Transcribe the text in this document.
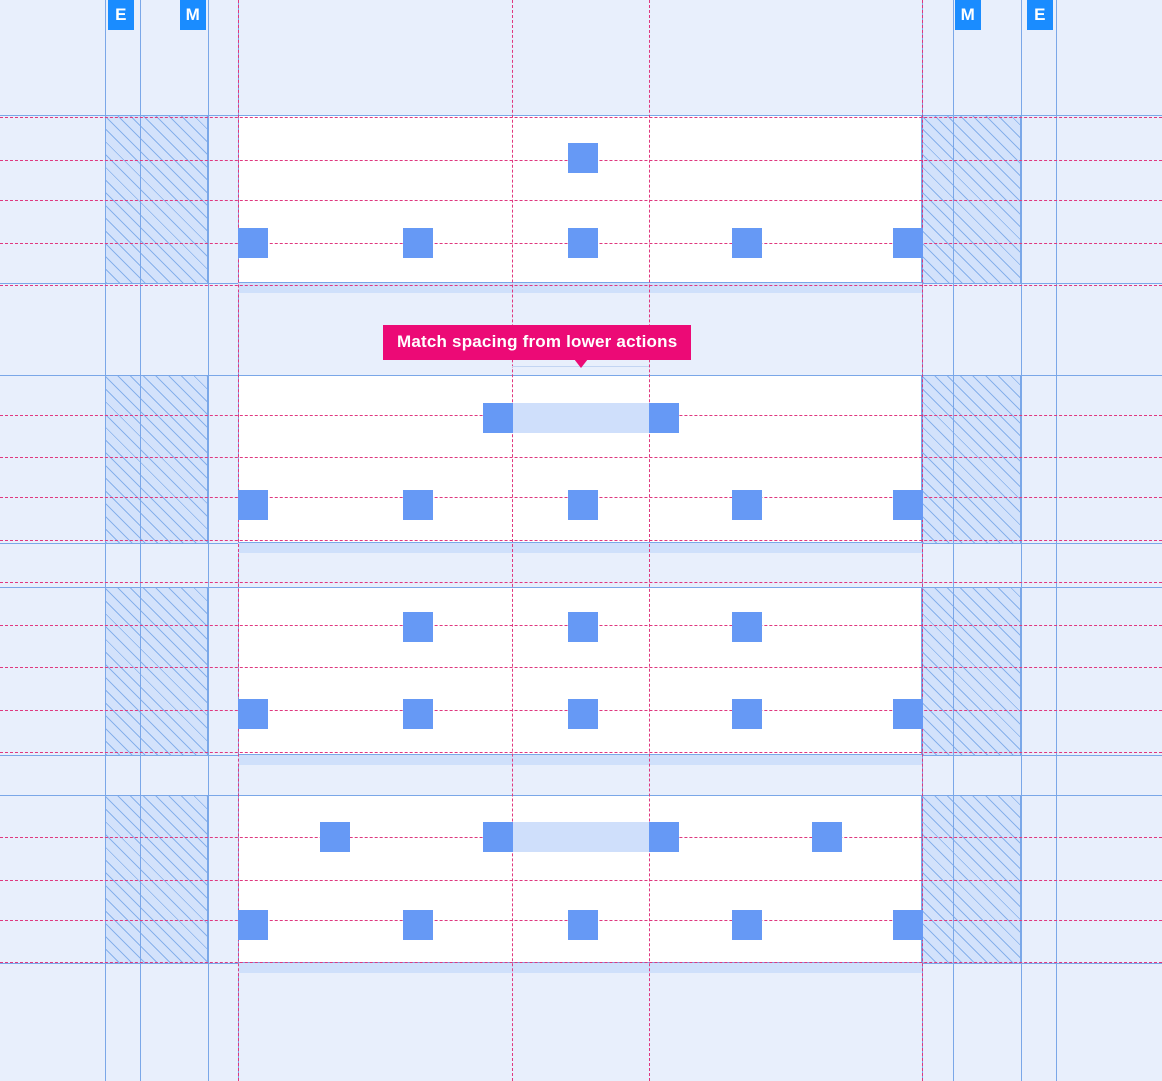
Match spacing from lower actions
E	M	M	E
